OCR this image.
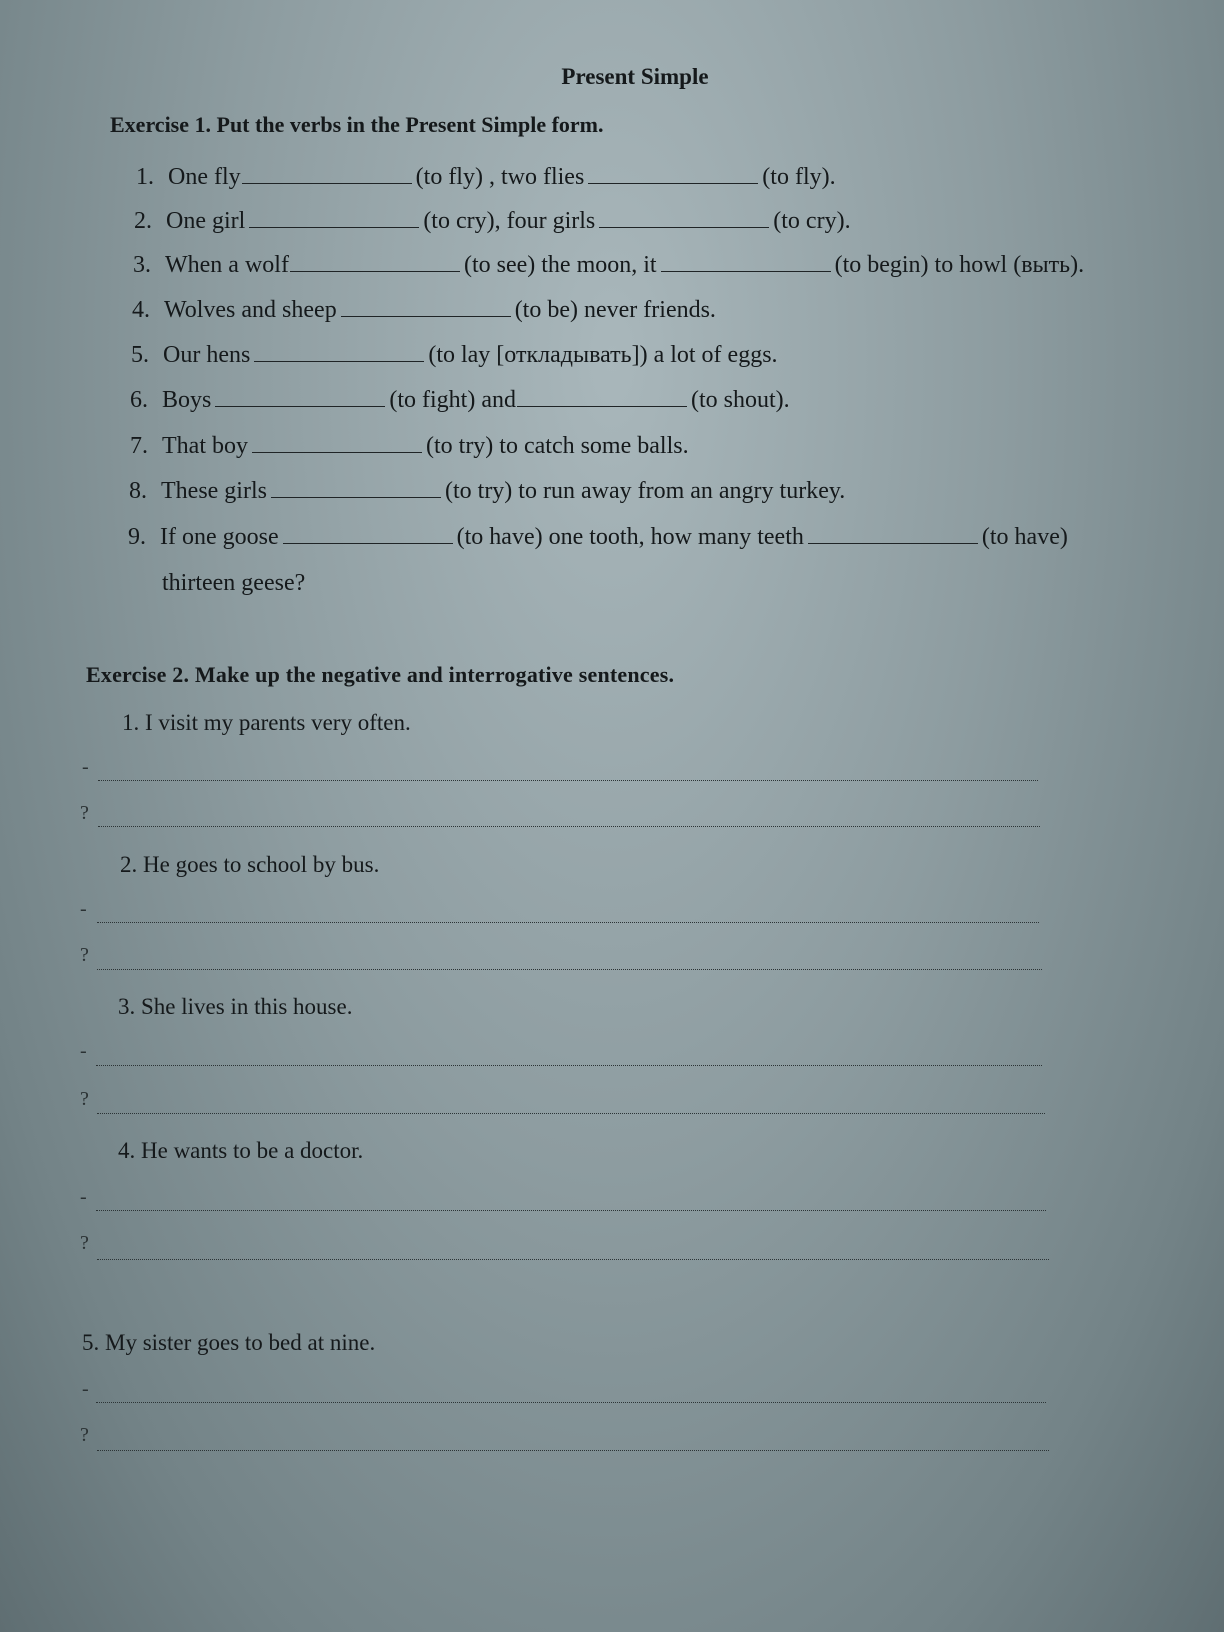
Present Simple
Exercise 1. Put the verbs in the Present Simple form.
1. One fly	(to fly) , two flies	(to fly).
2. One girl	(to cry), four girls	(to cry).
3. When a wolf	(to see) the moon, it	(to begin) to howl (выть).
4. Wolves and sheep	(to be) never friends.
5. Our hens	(to lay [откладывать]) a lot of eggs.
6. Boys	(to fight) and	(to shout).
7. That boy	(to try) to catch some balls.
8. These girls	(to try) to run away from an angry turkey.
9. If one goose	(to have) one tooth, how many teeth	(to have)
thirteen geese?
Exercise 2. Make up the negative and interrogative sentences.
1. I visit my parents very often.
-
?
2. He goes to school by bus.
-
?
3. She lives in this house.
-
?
4. He wants to be a doctor.
-
?
5. My sister goes to bed at nine.
-
?
